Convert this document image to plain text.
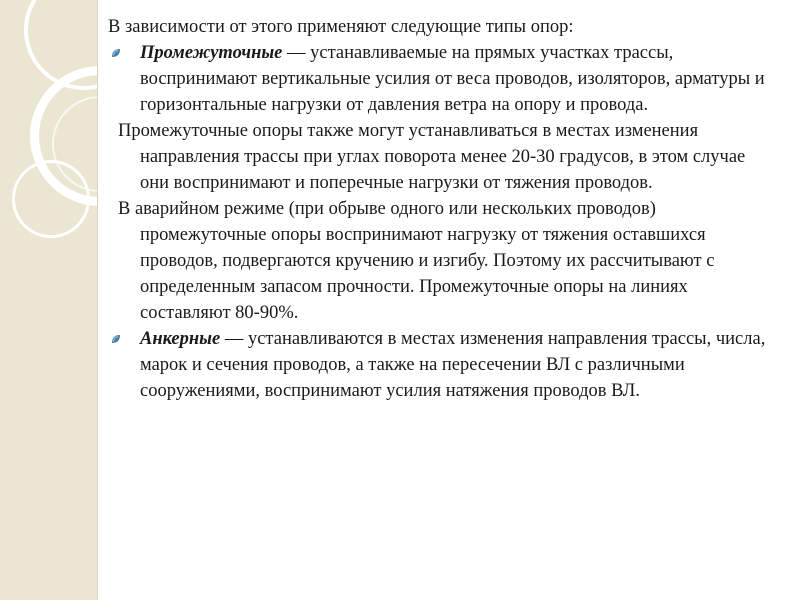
В зависимости от этого применяют следующие типы опор:

Промежуточные — устанавливаемые на прямых участках трассы, воспринимают вертикальные усилия от веса проводов, изоляторов, арматуры и горизонтальные нагрузки от давления ветра на опору и провода.

Промежуточные опоры также могут устанавливаться в местах изменения направления трассы при углах поворота менее 20-30 градусов, в этом случае они воспринимают и поперечные нагрузки от тяжения проводов.

В аварийном режиме (при обрыве одного или нескольких проводов) промежуточные опоры воспринимают нагрузку от тяжения оставшихся проводов, подвергаются кручению и изгибу. Поэтому их рассчитывают с определенным запасом прочности. Промежуточные опоры на линиях составляют 80-90%.

Анкерные — устанавливаются в местах изменения направления трассы, числа, марок и сечения проводов, а также на пересечении ВЛ с различными сооружениями, воспринимают усилия натяжения проводов ВЛ.
